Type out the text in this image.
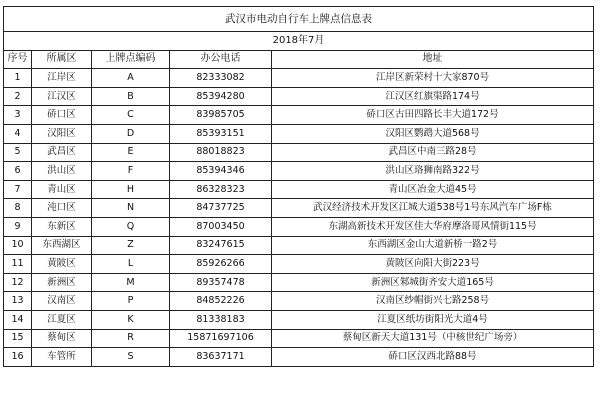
武汉市电动自行车上牌点信息表				
2018年7月				
序号	所属区	上牌点编码	办公电话	地址
1	江岸区	A	82333082	江岸区新荣村十大家870号
2	江汉区	B	85394280	江汉区红旗渠路174号
3	硚口区	C	83985705	硚口区古田四路长丰大道172号
4	汉阳区	D	85393151	汉阳区鹦鹉大道568号
5	武昌区	E	88018823	武昌区中南三路28号
6	洪山区	F	85394346	洪山区珞狮南路322号
7	青山区	H	86328323	青山区冶金大道45号
8	沌口区	N	84737725	武汉经济技术开发区江城大道538号1号东风汽车广场F栋
9	东新区	Q	87003450	东湖高新技术开发区佳大华府摩洛哥风情街115号
10	东西湖区	Z	83247615	东西湖区金山大道新桥一路2号
11	黄陂区	L	85926266	黄陂区向阳大街223号
12	新洲区	M	89357478	新洲区邾城街齐安大道165号
13	汉南区	P	84852226	汉南区纱帽街兴七路258号
14	江夏区	K	81338183	江夏区纸坊街阳光大道4号
15	蔡甸区	R	15871697106	蔡甸区新天大道131号（中核世纪广场旁）
16	车管所	S	83637171	硚口区汉西北路88号
